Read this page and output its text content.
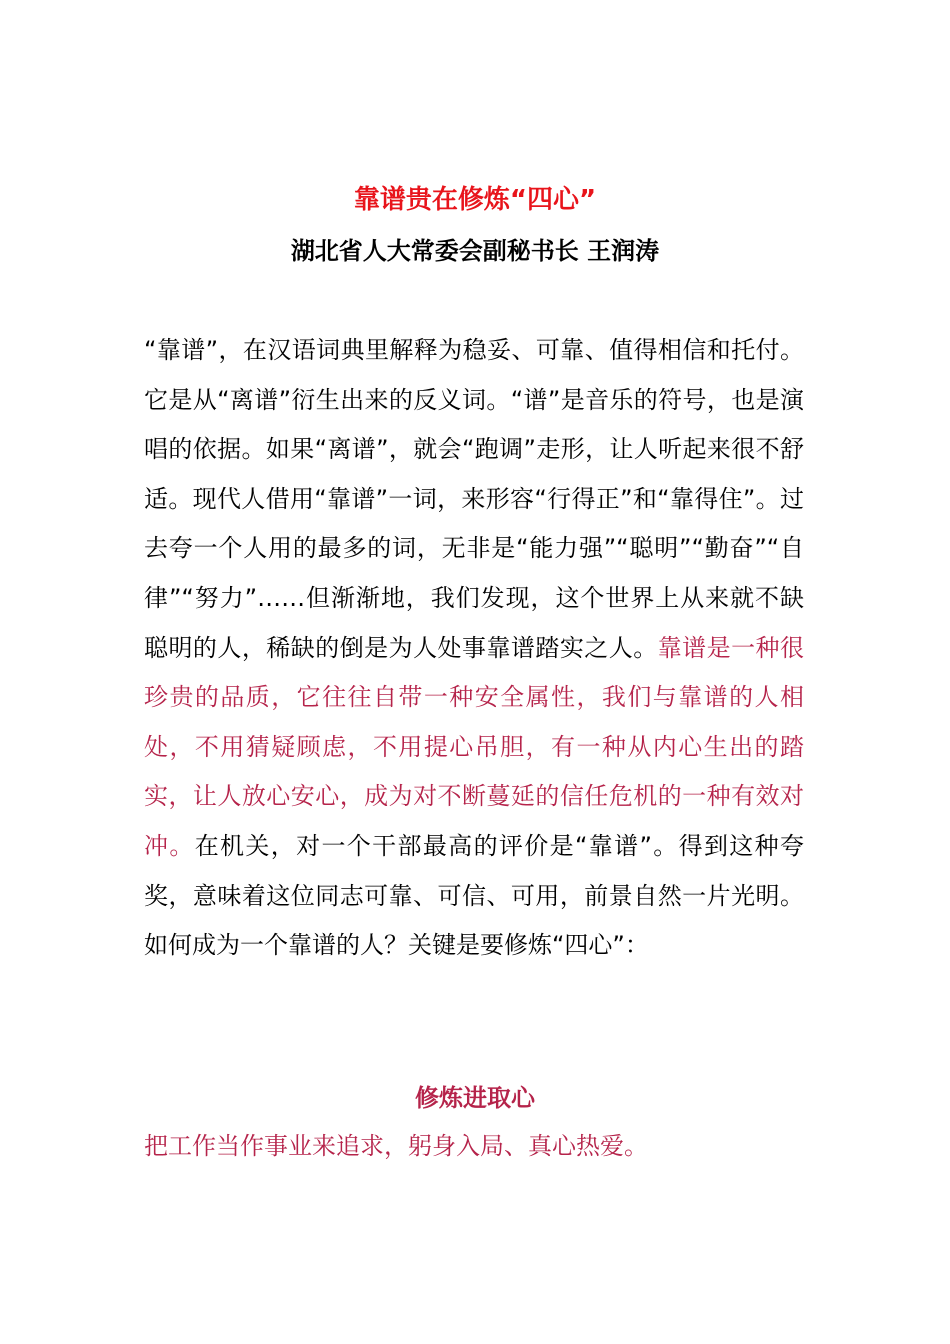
靠谱贵在修炼“四心”
湖北省人大常委会副秘书长 王润涛
“靠谱”，在汉语词典里解释为稳妥、可靠、值得相信和托付。它是从“离谱”衍生出来的反义词。“谱”是音乐的符号，也是演唱的依据。如果“离谱”，就会“跑调”走形，让人听起来很不舒适。现代人借用“靠谱”一词，来形容“行得正”和“靠得住”。过去夸一个人用的最多的词，无非是“能力强”“聪明”“勤奋”“自律”“努力”……但渐渐地，我们发现，这个世界上从来就不缺聪明的人，稀缺的倒是为人处事靠谱踏实之人。靠谱是一种很珍贵的品质，它往往自带一种安全属性，我们与靠谱的人相处，不用猜疑顾虑，不用提心吊胆，有一种从内心生出的踏实，让人放心安心，成为对不断蔓延的信任危机的一种有效对冲。在机关，对一个干部最高的评价是“靠谱”。得到这种夸奖，意味着这位同志可靠、可信、可用，前景自然一片光明。如何成为一个靠谱的人？关键是要修炼“四心”：
修炼进取心
把工作当作事业来追求，躬身入局、真心热爱。
